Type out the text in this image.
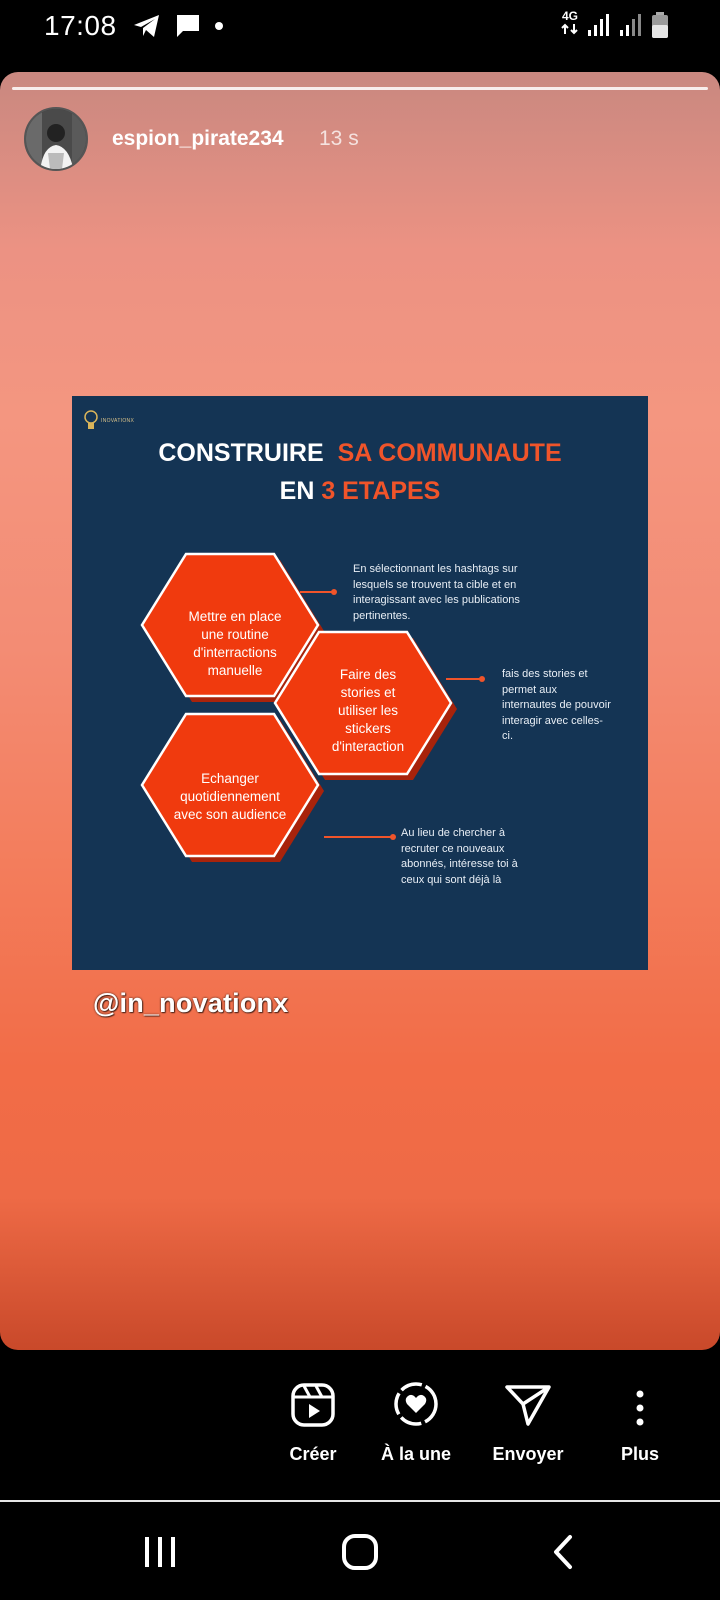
17:08	4G
espion_pirate234 13 s
INOVATIONX
CONSTRUIRE SA COMMUNAUTE
EN 3 ETAPES
Mettre en place une routine d'interractions manuelle	Faire des stories et utiliser les stickers d'interaction
Echanger quotidiennement avec son audience
En sélectionnant les hashtags sur lesquels se trouvent ta cible et en interagissant avec les publications pertinentes.
fais des stories et permet aux internautes de pouvoir interagir avec celles-ci.
Au lieu de chercher à recruter ce nouveaux abonnés, intéresse toi à ceux qui sont déjà là
@in_novationx
Créer	À la une	Envoyer	Plus
